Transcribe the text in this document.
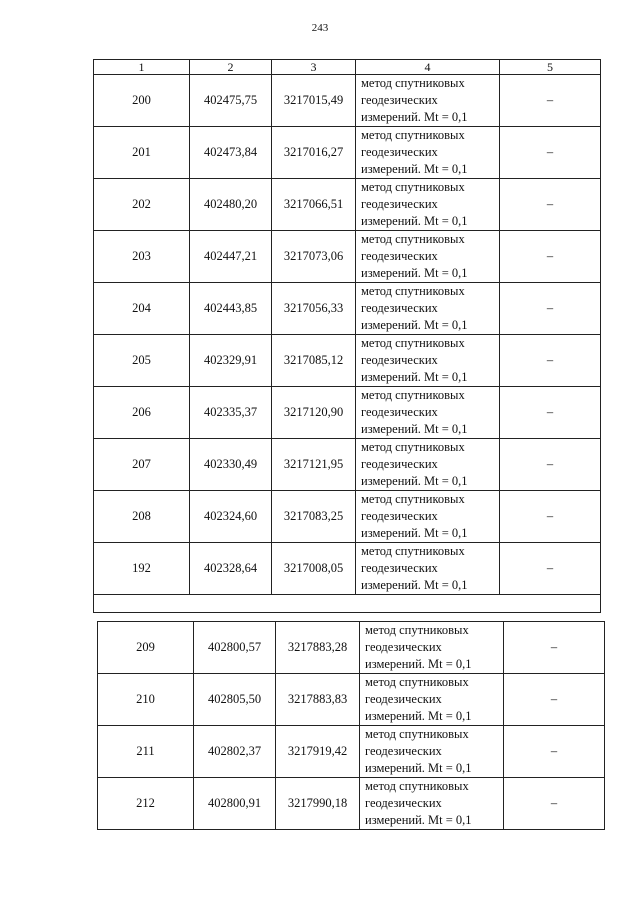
243
1	2	3	4	5
200	402475,75	3217015,49	метод спутниковых
геодезических
измерений. Mt = 0,1	–
201	402473,84	3217016,27	метод спутниковых
геодезических
измерений. Mt = 0,1	–
202	402480,20	3217066,51	метод спутниковых
геодезических
измерений. Mt = 0,1	–
203	402447,21	3217073,06	метод спутниковых
геодезических
измерений. Mt = 0,1	–
204	402443,85	3217056,33	метод спутниковых
геодезических
измерений. Mt = 0,1	–
205	402329,91	3217085,12	метод спутниковых
геодезических
измерений. Mt = 0,1	–
206	402335,37	3217120,90	метод спутниковых
геодезических
измерений. Mt = 0,1	–
207	402330,49	3217121,95	метод спутниковых
геодезических
измерений. Mt = 0,1	–
208	402324,60	3217083,25	метод спутниковых
геодезических
измерений. Mt = 0,1	–
192	402328,64	3217008,05	метод спутниковых
геодезических
измерений. Mt = 0,1	–

209	402800,57	3217883,28	метод спутниковых
геодезических
измерений. Mt = 0,1	–
210	402805,50	3217883,83	метод спутниковых
геодезических
измерений. Mt = 0,1	–
211	402802,37	3217919,42	метод спутниковых
геодезических
измерений. Mt = 0,1	–
212	402800,91	3217990,18	метод спутниковых
геодезических
измерений. Mt = 0,1	–
